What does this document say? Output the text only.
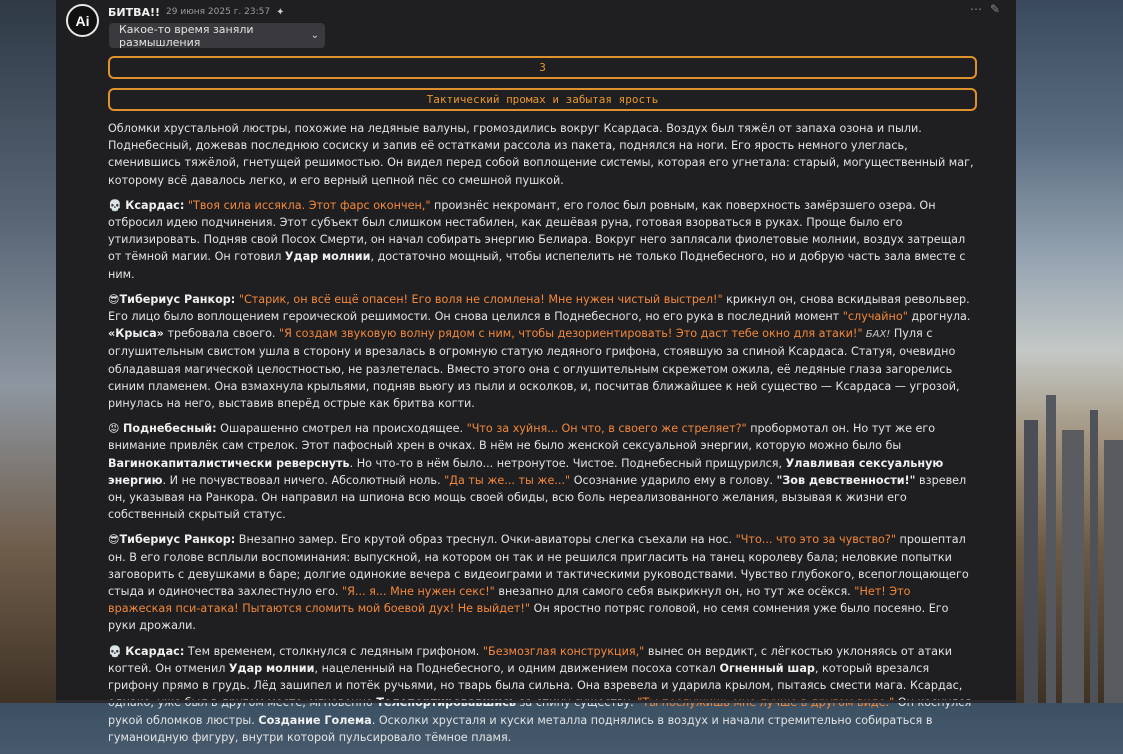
Ai
БИТВА!! 29 июня 2025 г. 23:57 ✦	⋯ ✎
Какое-то время заняли размышления	⌄
3
Тактический промах и забытая ярость

Обломки хрустальной люстры, похожие на ледяные валуны, громоздились вокруг Ксардаса. Воздух был тяжёл от запаха озона и пыли. Поднебесный, дожевав последнюю сосиску и запив её остатками рассола из пакета, поднялся на ноги. Его ярость немного улеглась, сменившись тяжёлой, гнетущей решимостью. Он видел перед собой воплощение системы, которая его угнетала: старый, могущественный маг, которому всё давалось легко, и его верный цепной пёс со смешной пушкой.

💀 Ксардас: "Твоя сила иссякла. Этот фарс окончен," произнёс некромант, его голос был ровным, как поверхность замёрзшего озера. Он отбросил идею подчинения. Этот субъект был слишком нестабилен, как дешёвая руна, готовая взорваться в руках. Проще было его утилизировать. Подняв свой Посох Смерти, он начал собирать энергию Белиара. Вокруг него заплясали фиолетовые молнии, воздух затрещал от тёмной магии. Он готовил Удар молнии, достаточно мощный, чтобы испепелить не только Поднебесного, но и добрую часть зала вместе с ним.

😎Тибериус Ранкор: "Старик, он всё ещё опасен! Его воля не сломлена! Мне нужен чистый выстрел!" крикнул он, снова вскидывая револьвер. Его лицо было воплощением героической решимости. Он снова целился в Поднебесного, но его рука в последний момент "случайно" дрогнула. «Крыса» требовала своего. "Я создам звуковую волну рядом с ним, чтобы дезориентировать! Это даст тебе окно для атаки!" БАХ! Пуля с оглушительным свистом ушла в сторону и врезалась в огромную статую ледяного грифона, стоявшую за спиной Ксардаса. Статуя, очевидно обладавшая магической целостностью, не разлетелась. Вместо этого она с оглушительным скрежетом ожила, её ледяные глаза загорелись синим пламенем. Она взмахнула крыльями, подняв вьюгу из пыли и осколков, и, посчитав ближайшее к ней существо — Ксардаса — угрозой, ринулась на него, выставив вперёд острые как бритва когти.

😡 Поднебесный: Ошарашенно смотрел на происходящее. "Что за хуйня... Он что, в своего же стреляет?" пробормотал он. Но тут же его внимание привлёк сам стрелок. Этот пафосный хрен в очках. В нём не было женской сексуальной энергии, которую можно было бы Вагинокапиталистически реверснуть. Но что-то в нём было... нетронутое. Чистое. Поднебесный прищурился, Улавливая сексуальную энергию. И не почувствовал ничего. Абсолютный ноль. "Да ты же... ты же..." Осознание ударило ему в голову. "Зов девственности!" взревел он, указывая на Ранкора. Он направил на шпиона всю мощь своей обиды, всю боль нереализованного желания, вызывая к жизни его собственный скрытый статус.

😎Тибериус Ранкор: Внезапно замер. Его крутой образ треснул. Очки-авиаторы слегка съехали на нос. "Что... что это за чувство?" прошептал он. В его голове всплыли воспоминания: выпускной, на котором он так и не решился пригласить на танец королеву бала; неловкие попытки заговорить с девушками в баре; долгие одинокие вечера с видеоиграми и тактическими руководствами. Чувство глубокого, всепоглощающего стыда и одиночества захлестнуло его. "Я... я... Мне нужен секс!" внезапно для самого себя выкрикнул он, но тут же осёкся. "Нет! Это вражеская пси-атака! Пытаются сломить мой боевой дух! Не выйдет!" Он яростно потряс головой, но семя сомнения уже было посеяно. Его руки дрожали.

💀 Ксардас: Тем временем, столкнулся с ледяным грифоном. "Безмозглая конструкция," вынес он вердикт, с лёгкостью уклоняясь от атаки когтей. Он отменил Удар молнии, нацеленный на Поднебесного, и одним движением посоха соткал Огненный шар, который врезался грифону прямо в грудь. Лёд зашипел и потёк ручьями, но тварь была сильна. Она взревела и ударила крылом, пытаясь смести мага. Ксардас, рукой обломков люстры. Создание Голема. Осколки хрусталя и куски металла поднялись в воздух и начали стремительно собираться в гуманоидную фигуру, внутри которой пульсировало тёмное пламя.
